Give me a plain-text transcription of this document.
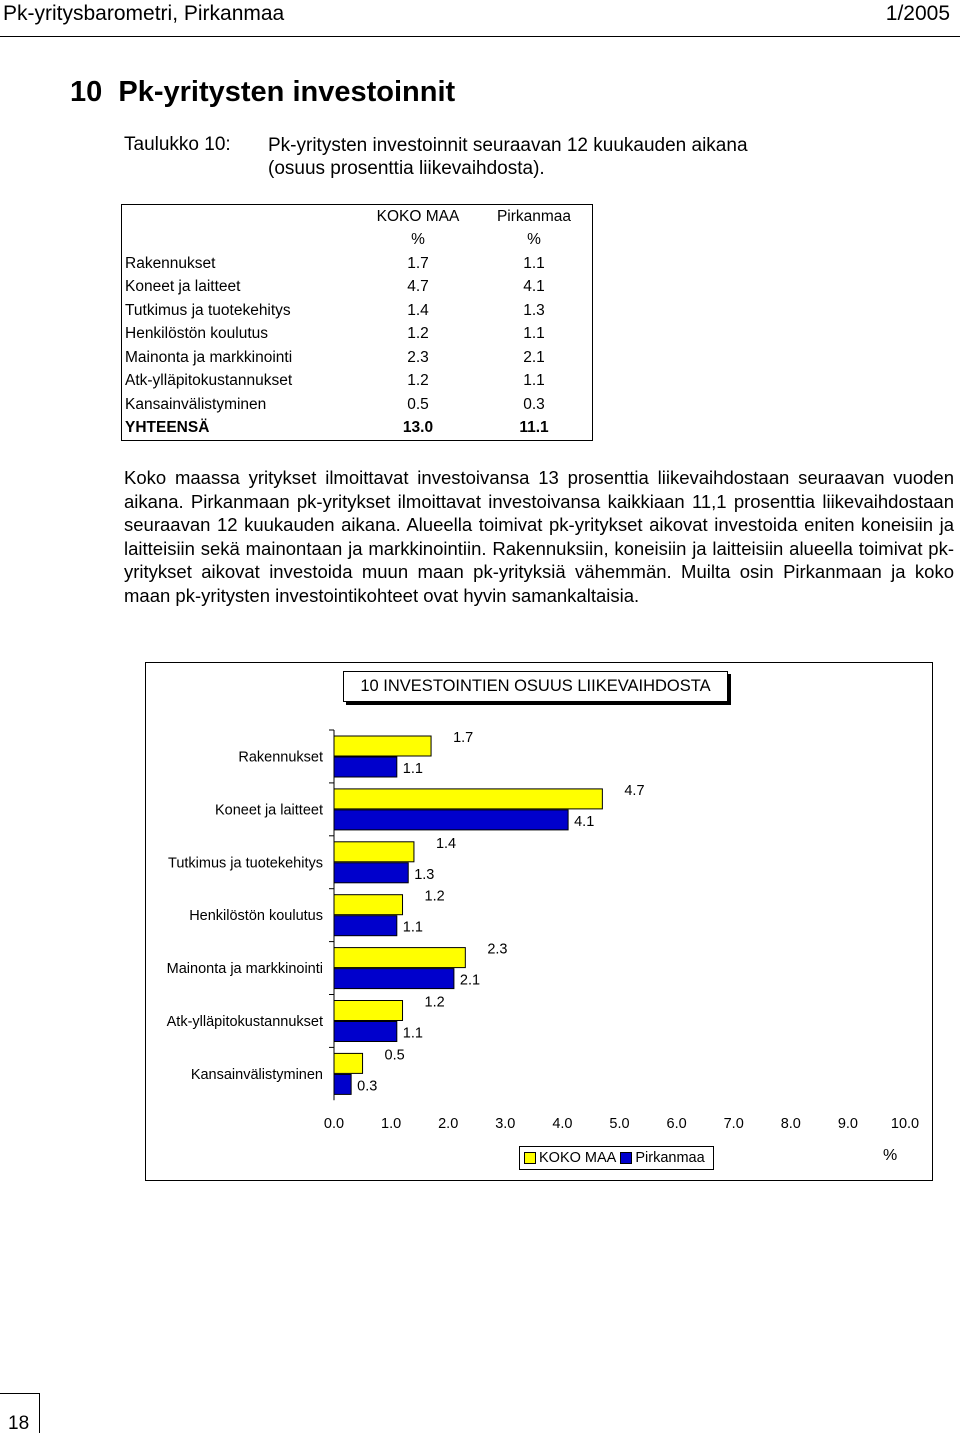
Pk-yritysbarometri, Pirkanmaa	1/2005
10  Pk-yritysten investoinnit
Taulukko 10: Pk-yritysten investoinnit seuraavan 12 kuukauden aikana
(osuus prosenttia liikevaihdosta).
	KOKO MAA	Pirkanmaa
	%	%
Rakennukset	1.7	1.1
Koneet ja laitteet	4.7	4.1
Tutkimus ja tuotekehitys	1.4	1.3
Henkilöstön koulutus	1.2	1.1
Mainonta ja markkinointi	2.3	2.1
Atk-ylläpitokustannukset	1.2	1.1
Kansainvälistyminen	0.5	0.3
YHTEENSÄ	13.0	11.1
Koko maassa yritykset ilmoittavat investoivansa 13 prosenttia liikevaihdostaan seuraavan vuoden aikana. Pirkanmaan pk-yritykset ilmoittavat investoivansa kaikkiaan 11,1 prosenttia liikevaihdostaan seuraavan 12 kuukauden aikana. Alueella toimivat pk-yritykset aikovat investoida eniten koneisiin ja laitteisiin sekä mainontaan ja markkinointiin. Rakennuksiin, koneisiin ja laitteisiin alueella toimivat pk-yritykset aikovat investoida muun maan pk-yrityksiä vähemmän. Muilta osin Pirkanmaan ja koko maan pk-yritysten investointikohteet ovat hyvin samankaltaisia.
10 INVESTOINTIEN OSUUS LIIKEVAIHDOSTA
Rakennukset
1.7
1.1
Koneet ja laitteet
4.7
4.1
Tutkimus ja tuotekehitys
1.4
1.3
Henkilöstön koulutus
1.2
1.1
Mainonta ja markkinointi
2.3
2.1
Atk-ylläpitokustannukset
1.2
1.1
Kansainvälistyminen
0.5
0.3
0.0	1.0	2.0	3.0	4.0	5.0	6.0	7.0	8.0	9.0 10.0
KOKO MAA Pirkanmaa	%
18
